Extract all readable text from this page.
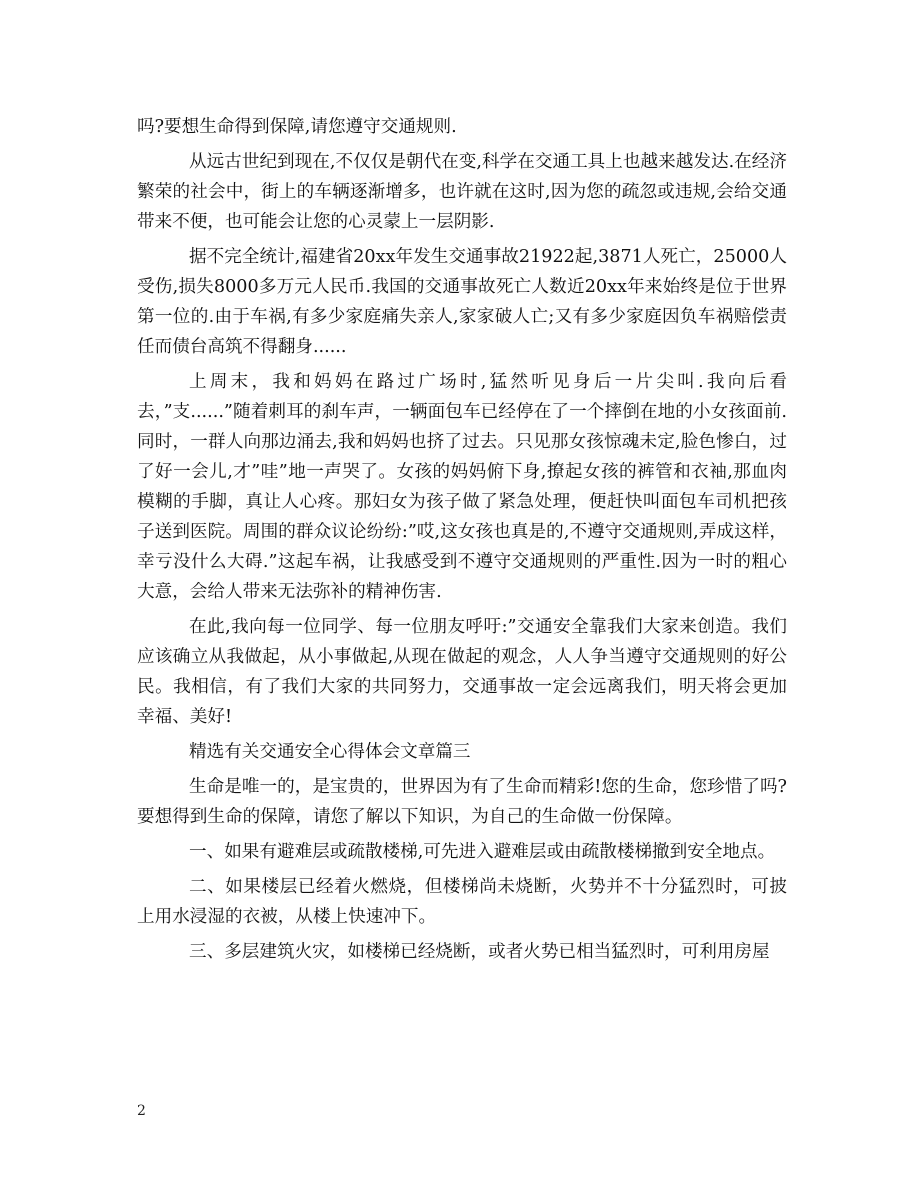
吗?要想生命得到保障,请您遵守交通规则.

从远古世纪到现在,不仅仅是朝代在变,科学在交通工具上也越来越发达.在经济繁荣的社会中，街上的车辆逐渐增多，也许就在这时,因为您的疏忽或违规,会给交通带来不便，也可能会让您的心灵蒙上一层阴影.

据不完全统计,福建省20xx年发生交通事故21922起,3871人死亡，25000人受伤,损失8000多万元人民币.我国的交通事故死亡人数近20xx年来始终是位于世界第一位的.由于车祸,有多少家庭痛失亲人,家家破人亡;又有多少家庭因负车祸赔偿责任而债台高筑不得翻身......

上周末，我和妈妈在路过广场时,猛然听见身后一片尖叫.我向后看去，”支......”随着刺耳的刹车声，一辆面包车已经停在了一个摔倒在地的小女孩面前.同时，一群人向那边涌去,我和妈妈也挤了过去。只见那女孩惊魂未定,脸色惨白，过了好一会儿,才”哇”地一声哭了。女孩的妈妈俯下身,撩起女孩的裤管和衣袖,那血肉模糊的手脚，真让人心疼。那妇女为孩子做了紧急处理，便赶快叫面包车司机把孩子送到医院。周围的群众议论纷纷:”哎,这女孩也真是的,不遵守交通规则,弄成这样，幸亏没什么大碍.”这起车祸，让我感受到不遵守交通规则的严重性.因为一时的粗心大意，会给人带来无法弥补的精神伤害.

在此,我向每一位同学、每一位朋友呼吁:”交通安全靠我们大家来创造。我们应该确立从我做起，从小事做起,从现在做起的观念，人人争当遵守交通规则的好公民。我相信，有了我们大家的共同努力，交通事故一定会远离我们，明天将会更加幸福、美好!

精选有关交通安全心得体会文章篇三

生命是唯一的，是宝贵的，世界因为有了生命而精彩!您的生命，您珍惜了吗?要想得到生命的保障，请您了解以下知识，为自己的生命做一份保障。

一、如果有避难层或疏散楼梯,可先进入避难层或由疏散楼梯撤到安全地点。

二、如果楼层已经着火燃烧，但楼梯尚未烧断，火势并不十分猛烈时，可披上用水浸湿的衣被，从楼上快速冲下。

三、多层建筑火灾，如楼梯已经烧断，或者火势已相当猛烈时，可利用房屋

2
